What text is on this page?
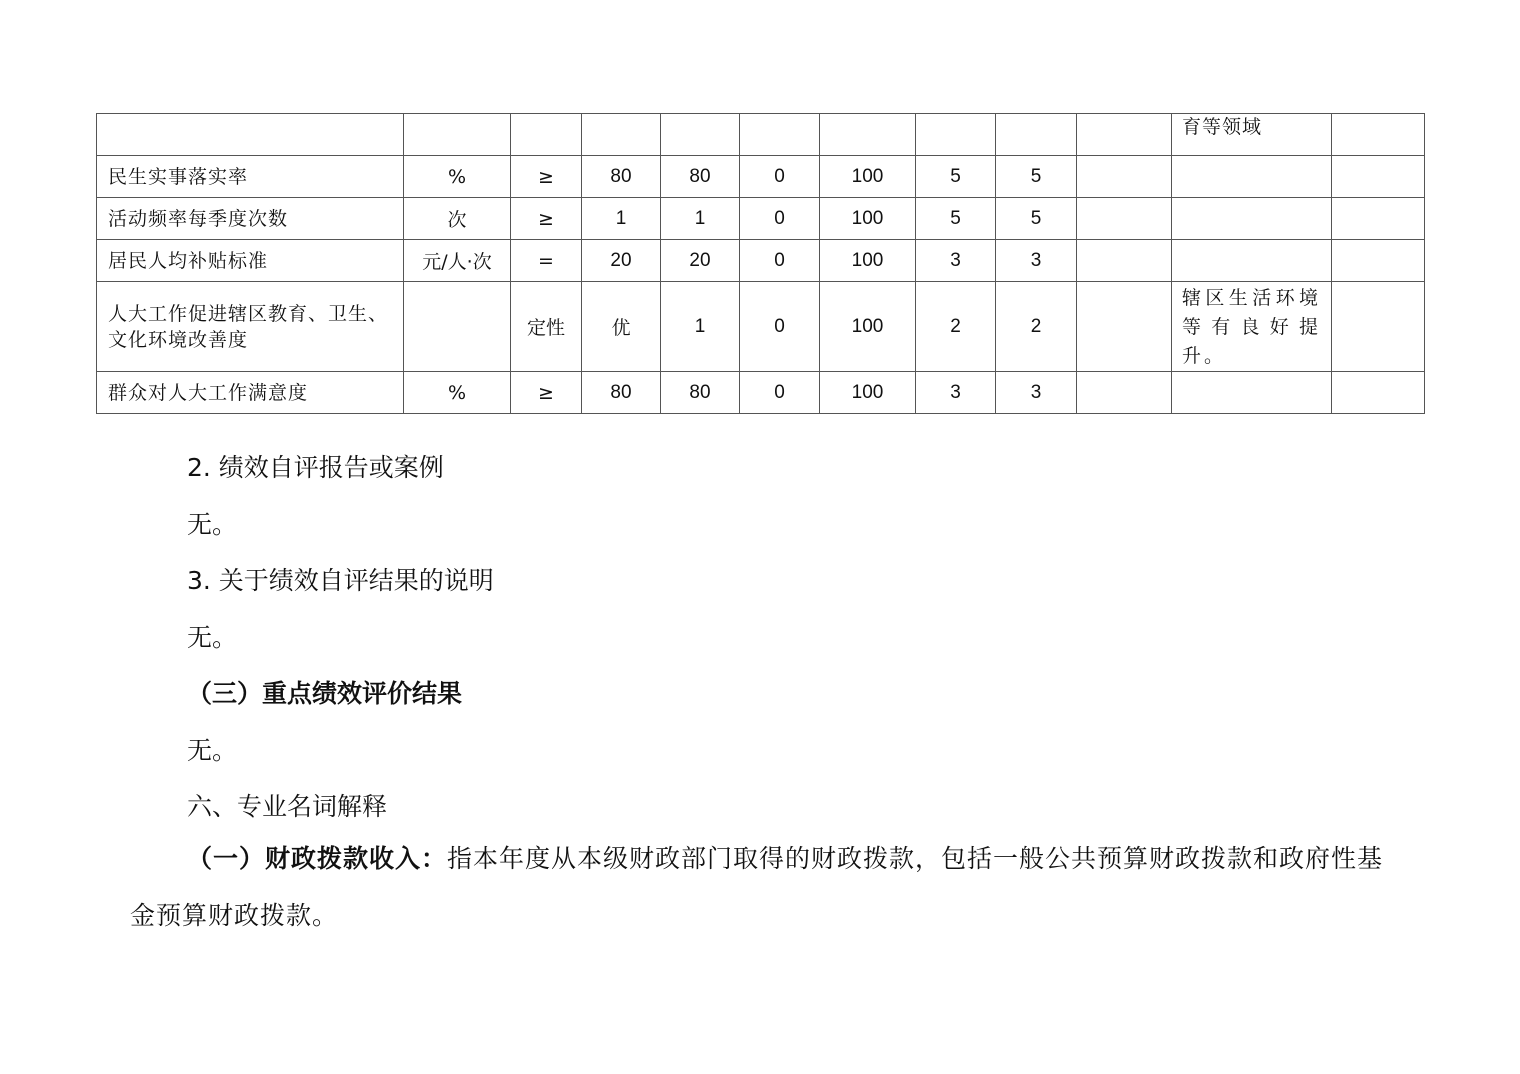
										育等领域	
民生实事落实率	%	≥	80	80	0	100	5	5			
活动频率每季度次数	次	≥	1	1	0	100	5	5			
居民人均补贴标准	元/人·次	=	20	20	0	100	3	3			
人大工作促进辖区教育、卫生、文化环境改善度		定性	优	1	0	100	2	2		辖区生活环境等有良好提升。	
群众对人大工作满意度	%	≥	80	80	0	100	3	3			
2. 绩效自评报告或案例
无。
3. 关于绩效自评结果的说明
无。
（三）重点绩效评价结果
无。
六、专业名词解释

（一）财政拨款收入：指本年度从本级财政部门取得的财政拨款，包括一般公共预算财政拨款和政府性基金预算财政拨款。
